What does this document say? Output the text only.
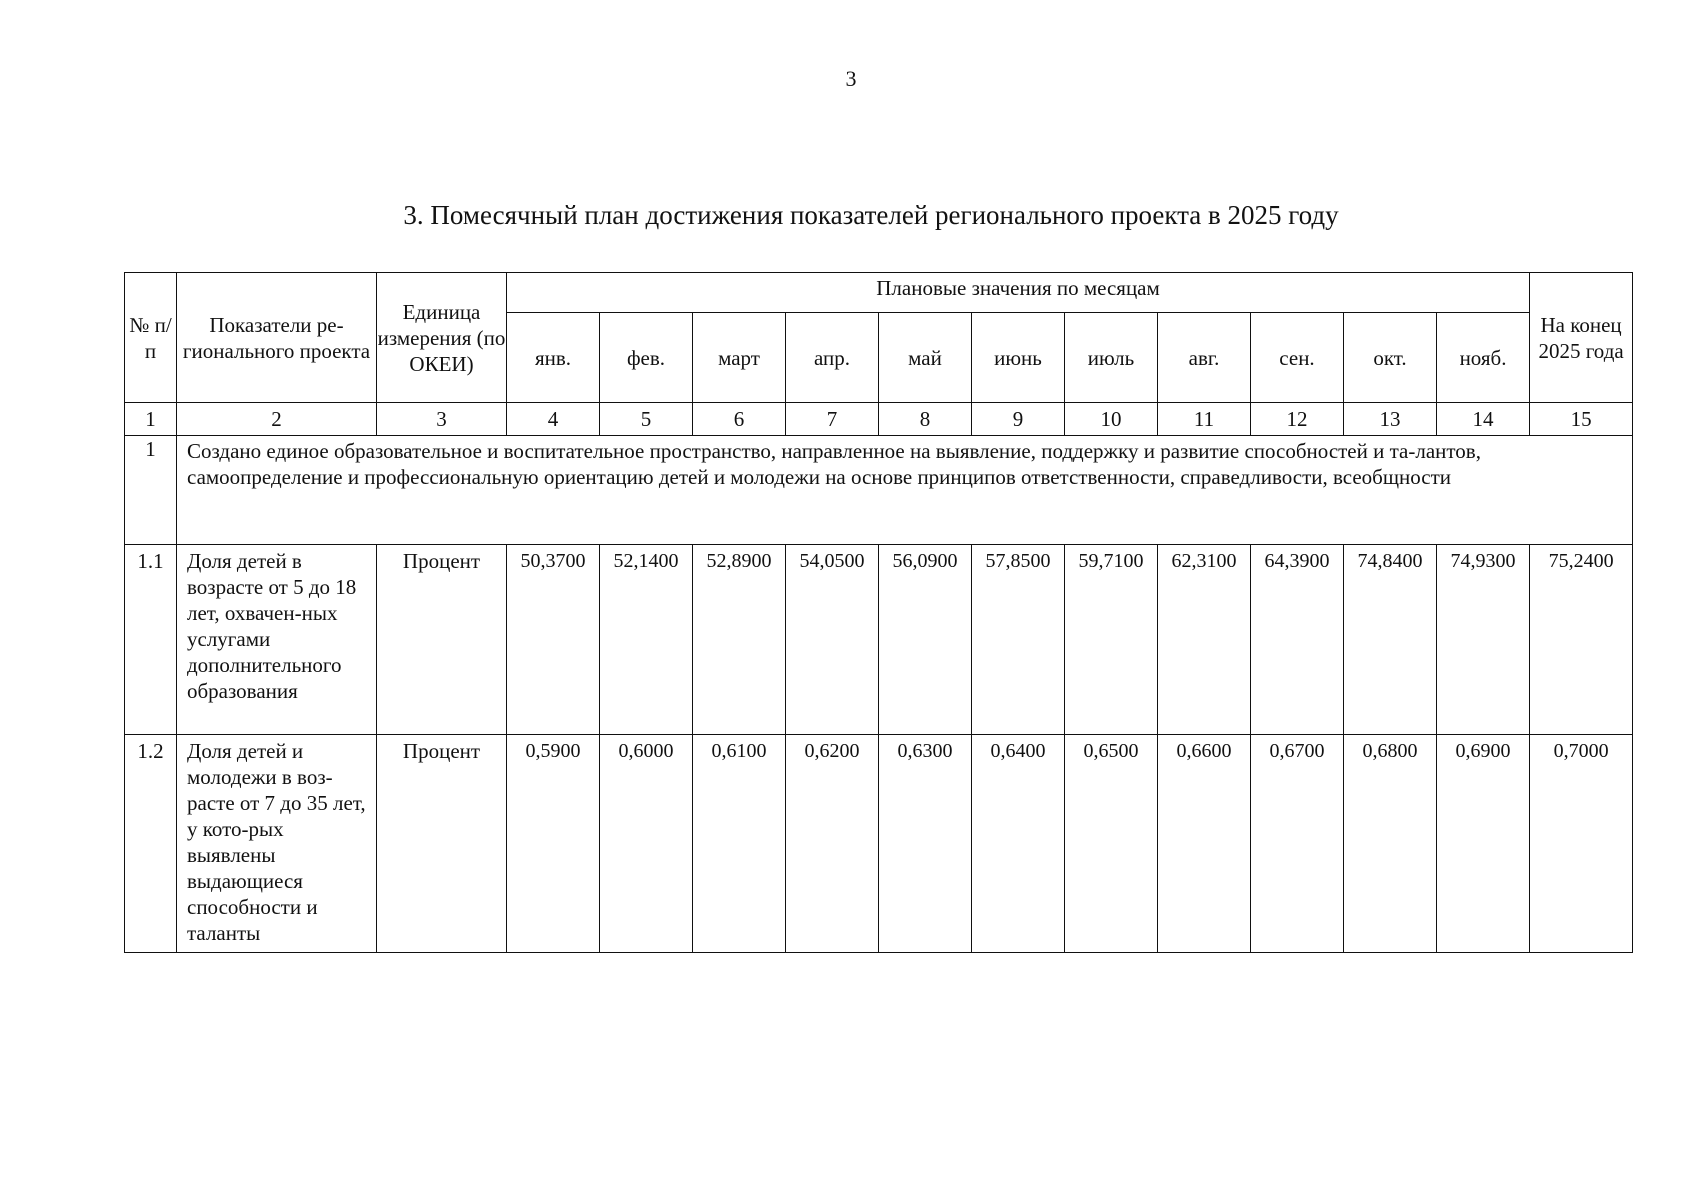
3
3. Помесячный план достижения показателей регионального проекта в 2025 году
№ п/п	Показатели ре-гионального проекта	Единица измерения (по ОКЕИ)	Плановые значения по месяцам											На конец 2025 года
			янв.	фев.	март	апр.	май	июнь	июль	авг.	сен.	окт.	нояб.	
1	2	3	4	5	6	7	8	9	10	11	12	13	14	15
1	Создано единое образовательное и воспитательное пространство, направленное на выявление, поддержку и развитие способностей и та-лантов, самоопределение и профессиональную ориентацию детей и молодежи на основе принципов ответственности, справедливости, всеобщности													
1.1	Доля детей в возрасте от 5 до 18 лет, охвачен-ных услугами дополнительного образования	Процент	50,3700	52,1400	52,8900	54,0500	56,0900	57,8500	59,7100	62,3100	64,3900	74,8400	74,9300	75,2400
1.2	Доля детей и молодежи в воз-расте от 7 до 35 лет, у кото-рых выявлены выдающиеся способности и таланты	Процент	0,5900	0,6000	0,6100	0,6200	0,6300	0,6400	0,6500	0,6600	0,6700	0,6800	0,6900	0,7000
